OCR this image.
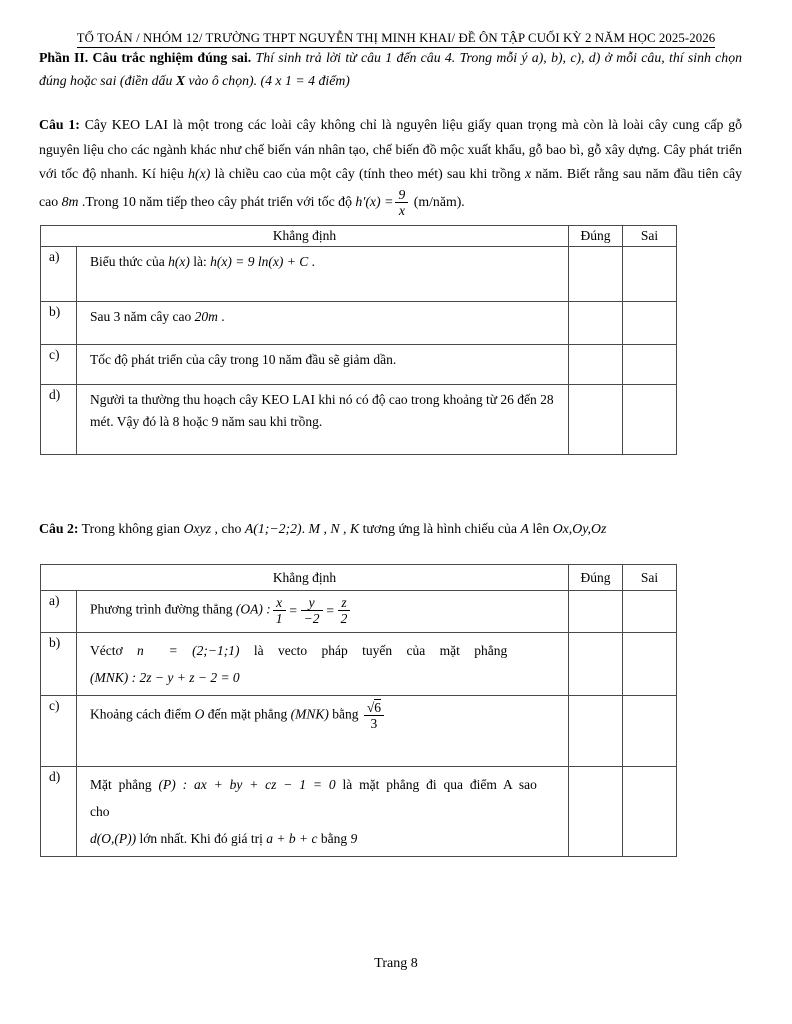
TỔ TOÁN / NHÓM 12/ TRƯỜNG THPT NGUYỄN THỊ MINH KHAI/ ĐỀ ÔN TẬP CUỐI KỲ 2 NĂM HỌC 2025-2026

Phần II. Câu trắc nghiệm đúng sai. Thí sinh trả lời từ câu 1 đến câu 4. Trong mỗi ý a), b), c), d) ở mỗi câu, thí sinh chọn đúng hoặc sai (điền dấu X vào ô chọn). (4 x 1 = 4 điểm)

Câu 1: Cây KEO LAI là một trong các loài cây không chỉ là nguyên liệu giấy quan trọng mà còn là loài cây cung cấp gỗ nguyên liệu cho các ngành khác như chế biến ván nhân tạo, chế biến đồ mộc xuất khẩu, gỗ bao bì, gỗ xây dựng. Cây phát triển với tốc độ nhanh. Kí hiệu h(x) là chiều cao của một cây (tính theo mét) sau khi trồng x năm. Biết rằng sau năm đầu tiên cây cao 8m .Trong 10 năm tiếp theo cây phát triển với tốc độ $h'(x) = \frac{9}{x}$ (m/năm).

Khẳng định		Đúng	Sai
a)	Biểu thức của h(x) là: h(x) = 9 ln(x) + C .		
b)	Sau 3 năm cây cao 20m .		
c)	Tốc độ phát triển của cây trong 10 năm đầu sẽ giảm dần.		
d)	Người ta thường thu hoạch cây KEO LAI khi nó có độ cao trong khoảng từ 26 đến 28 mét. Vậy đó là 8 hoặc 9 năm sau khi trồng.		

Câu 2: Trong không gian Oxyz , cho A(1;−2;2). M , N , K tương ứng là hình chiếu của A lên Ox,Oy,Oz

Khẳng định		Đúng	Sai
a)	Phương trình đường thẳng (OA) : $\frac{x}{1} = \frac{y}{-2} = \frac{z}{2}$

b)	Véctơ n⃗ = (2;−1;1) là vecto pháp tuyến của mặt phẳng
(MNK) : 2z − y + z − 2 = 0		

c)	Khoảng cách điểm O đến mặt phẳng (MNK) bằng $\frac{√6}{3}$

d)	Mặt phẳng (P) : ax + by + cz − 1 = 0 là mặt phẳng đi qua điểm A sao cho
d(O,(P)) lớn nhất. Khi đó giá trị a + b + c bằng 9		

Trang 8
